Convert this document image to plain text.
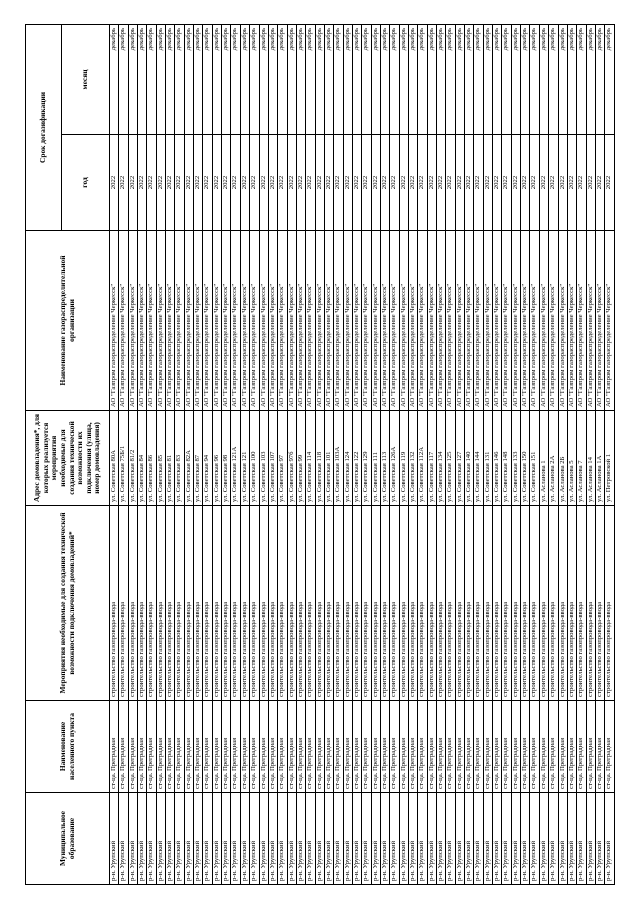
Муниципальное образование	Наименование населенного пункта	Мероприятия необходимые для создания технической возможности подключения домовладений*	Адрес домовладения*, для которых реализуется мероприятия необходимые для создания технической возможности их подключения (улица, номер домовладения)	Наименование газораспределительной организации	Срок догазификации	
					год	месяц
р-н. Урупский	ст-ца. Преградная	строительство газопровода-ввода	ул. Советская 80А	АО "Газпром газораспределение Черкесск"	2022	декабрь
р-н. Урупский	ст-ца. Преградная	строительство газопровода-ввода	ул. Советская 75Б/1	АО "Газпром газораспределение Черкесск"	2022	декабрь
р-н. Урупский	ст-ца. Преградная	строительство газопровода-ввода	ул. Советская 81/2	АО "Газпром газораспределение Черкесск"	2022	декабрь
р-н. Урупский	ст-ца. Преградная	строительство газопровода-ввода	ул. Советская 84	АО "Газпром газораспределение Черкесск"	2022	декабрь
р-н. Урупский	ст-ца. Преградная	строительство газопровода-ввода	ул. Советская 86	АО "Газпром газораспределение Черкесск"	2022	декабрь
р-н. Урупский	ст-ца. Преградная	строительство газопровода-ввода	ул. Советская 85	АО "Газпром газораспределение Черкесск"	2022	декабрь
р-н. Урупский	ст-ца. Преградная	строительство газопровода-ввода	ул. Советская 81	АО "Газпром газораспределение Черкесск"	2022	декабрь
р-н. Урупский	ст-ца. Преградная	строительство газопровода-ввода	ул. Советская 83	АО "Газпром газораспределение Черкесск"	2022	декабрь
р-н. Урупский	ст-ца. Преградная	строительство газопровода-ввода	ул. Советская 82А	АО "Газпром газораспределение Черкесск"	2022	декабрь
р-н. Урупский	ст-ца. Преградная	строительство газопровода-ввода	ул. Советская 87	АО "Газпром газораспределение Черкесск"	2022	декабрь
р-н. Урупский	ст-ца. Преградная	строительство газопровода-ввода	ул. Советская 94	АО "Газпром газораспределение Черкесск"	2022	декабрь
р-н. Урупский	ст-ца. Преградная	строительство газопровода-ввода	ул. Советская 96	АО "Газпром газораспределение Черкесск"	2022	декабрь
р-н. Урупский	ст-ца. Преградная	строительство газопровода-ввода	ул. Советская 98	АО "Газпром газораспределение Черкесск"	2022	декабрь
р-н. Урупский	ст-ца. Преградная	строительство газопровода-ввода	ул. Советская 121А	АО "Газпром газораспределение Черкесск"	2022	декабрь
р-н. Урупский	ст-ца. Преградная	строительство газопровода-ввода	ул. Советская 121	АО "Газпром газораспределение Черкесск"	2022	декабрь
р-н. Урупский	ст-ца. Преградная	строительство газопровода-ввода	ул. Советская 100	АО "Газпром газораспределение Черкесск"	2022	декабрь
р-н. Урупский	ст-ца. Преградная	строительство газопровода-ввода	ул. Советская 103	АО "Газпром газораспределение Черкесск"	2022	декабрь
р-н. Урупский	ст-ца. Преградная	строительство газопровода-ввода	ул. Советская 107	АО "Газпром газораспределение Черкесск"	2022	декабрь
р-н. Урупский	ст-ца. Преградная	строительство газопровода-ввода	ул. Советская 97	АО "Газпром газораспределение Черкесск"	2022	декабрь
р-н. Урупский	ст-ца. Преградная	строительство газопровода-ввода	ул. Советская 97б	АО "Газпром газораспределение Черкесск"	2022	декабрь
р-н. Урупский	ст-ца. Преградная	строительство газопровода-ввода	ул. Советская 99	АО "Газпром газораспределение Черкесск"	2022	декабрь
р-н. Урупский	ст-ца. Преградная	строительство газопровода-ввода	ул. Советская 114	АО "Газпром газораспределение Черкесск"	2022	декабрь
р-н. Урупский	ст-ца. Преградная	строительство газопровода-ввода	ул. Советская 118	АО "Газпром газораспределение Черкесск"	2022	декабрь
р-н. Урупский	ст-ца. Преградная	строительство газопровода-ввода	ул. Советская 101	АО "Газпром газораспределение Черкесск"	2022	декабрь
р-н. Урупский	ст-ца. Преградная	строительство газопровода-ввода	ул. Советская 103А	АО "Газпром газораспределение Черкесск"	2022	декабрь
р-н. Урупский	ст-ца. Преградная	строительство газопровода-ввода	ул. Советская 124	АО "Газпром газораспределение Черкесск"	2022	декабрь
р-н. Урупский	ст-ца. Преградная	строительство газопровода-ввода	ул. Советская 122	АО "Газпром газораспределение Черкесск"	2022	декабрь
р-н. Урупский	ст-ца. Преградная	строительство газопровода-ввода	ул. Советская 129	АО "Газпром газораспределение Черкесск"	2022	декабрь
р-н. Урупский	ст-ца. Преградная	строительство газопровода-ввода	ул. Советская 111	АО "Газпром газораспределение Черкесск"	2022	декабрь
р-н. Урупский	ст-ца. Преградная	строительство газопровода-ввода	ул. Советская 113	АО "Газпром газораспределение Черкесск"	2022	декабрь
р-н. Урупский	ст-ца. Преградная	строительство газопровода-ввода	ул. Советская 126А	АО "Газпром газораспределение Черкесск"	2022	декабрь
р-н. Урупский	ст-ца. Преградная	строительство газопровода-ввода	ул. Советская 119	АО "Газпром газораспределение Черкесск"	2022	декабрь
р-н. Урупский	ст-ца. Преградная	строительство газопровода-ввода	ул. Советская 132	АО "Газпром газораспределение Черкесск"	2022	декабрь
р-н. Урупский	ст-ца. Преградная	строительство газопровода-ввода	ул. Советская 112А	АО "Газпром газораспределение Черкесск"	2022	декабрь
р-н. Урупский	ст-ца. Преградная	строительство газопровода-ввода	ул. Советская 117	АО "Газпром газораспределение Черкесск"	2022	декабрь
р-н. Урупский	ст-ца. Преградная	строительство газопровода-ввода	ул. Советская 134	АО "Газпром газораспределение Черкесск"	2022	декабрь
р-н. Урупский	ст-ца. Преградная	строительство газопровода-ввода	ул. Советская 125	АО "Газпром газораспределение Черкесск"	2022	декабрь
р-н. Урупский	ст-ца. Преградная	строительство газопровода-ввода	ул. Советская 127	АО "Газпром газораспределение Черкесск"	2022	декабрь
р-н. Урупский	ст-ца. Преградная	строительство газопровода-ввода	ул. Советская 140	АО "Газпром газораспределение Черкесск"	2022	декабрь
р-н. Урупский	ст-ца. Преградная	строительство газопровода-ввода	ул. Советская 144	АО "Газпром газораспределение Черкесск"	2022	декабрь
р-н. Урупский	ст-ца. Преградная	строительство газопровода-ввода	ул. Советская 131	АО "Газпром газораспределение Черкесск"	2022	декабрь
р-н. Урупский	ст-ца. Преградная	строительство газопровода-ввода	ул. Советская 146	АО "Газпром газораспределение Черкесск"	2022	декабрь
р-н. Урупский	ст-ца. Преградная	строительство газопровода-ввода	ул. Советская 148	АО "Газпром газораспределение Черкесск"	2022	декабрь
р-н. Урупский	ст-ца. Преградная	строительство газопровода-ввода	ул. Советская 133	АО "Газпром газораспределение Черкесск"	2022	декабрь
р-н. Урупский	ст-ца. Преградная	строительство газопровода-ввода	ул. Советская 150	АО "Газпром газораспределение Черкесск"	2022	декабрь
р-н. Урупский	ст-ца. Преградная	строительство газопровода-ввода	ул. Советская 151	АО "Газпром газораспределение Черкесск"	2022	декабрь
р-н. Урупский	ст-ца. Преградная	строительство газопровода-ввода	ул. Асланова 1	АО "Газпром газораспределение Черкесск"	2022	декабрь
р-н. Урупский	ст-ца. Преградная	строительство газопровода-ввода	ул. Асланова 2А	АО "Газпром газораспределение Черкесск"	2022	декабрь
р-н. Урупский	ст-ца. Преградная	строительство газопровода-ввода	ул. Асланова 2Б	АО "Газпром газораспределение Черкесск"	2022	декабрь
р-н. Урупский	ст-ца. Преградная	строительство газопровода-ввода	ул. Асланова 5	АО "Газпром газораспределение Черкесск"	2022	декабрь
р-н. Урупский	ст-ца. Преградная	строительство газопровода-ввода	ул. Асланова 7	АО "Газпром газораспределение Черкесск"	2022	декабрь
р-н. Урупский	ст-ца. Преградная	строительство газопровода-ввода	ул. Асланова 14	АО "Газпром газораспределение Черкесск"	2022	декабрь
р-н. Урупский	ст-ца. Преградная	строительство газопровода-ввода	ул. Асланова 1А	АО "Газпром газораспределение Черкесск"	2022	декабрь
р-н. Урупский	ст-ца. Преградная	строительство газопровода-ввода	ул. Петровской 1	АО "Газпром газораспределение Черкесск"	2022	декабрь
